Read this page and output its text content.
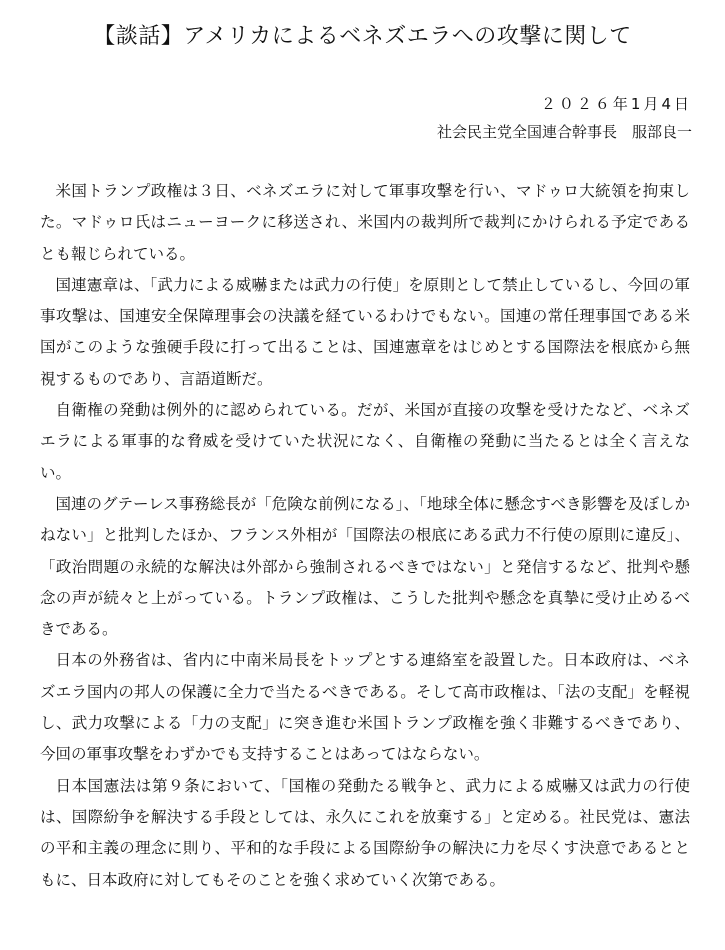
【談話】アメリカによるベネズエラへの攻撃に関して
２０２６年1月4日
社会民主党全国連合幹事長　服部良一

米国トランプ政権は３日、ベネズエラに対して軍事攻撃を行い、マドゥロ大統領を拘束した。マドゥロ氏はニューヨークに移送され、米国内の裁判所で裁判にかけられる予定であるとも報じられている。

国連憲章は、「武力による威嚇または武力の行使」を原則として禁止しているし、今回の軍事攻撃は、国連安全保障理事会の決議を経ているわけでもない。国連の常任理事国である米国がこのような強硬手段に打って出ることは、国連憲章をはじめとする国際法を根底から無視するものであり、言語道断だ。

自衛権の発動は例外的に認められている。だが、米国が直接の攻撃を受けたなど、ベネズエラによる軍事的な脅威を受けていた状況になく、自衛権の発動に当たるとは全く言えない。

国連のグテーレス事務総長が「危険な前例になる」、「地球全体に懸念すべき影響を及ぼしかねない」と批判したほか、フランス外相が「国際法の根底にある武力不行使の原則に違反」、「政治問題の永続的な解決は外部から強制されるべきではない」と発信するなど、批判や懸念の声が続々と上がっている。トランプ政権は、こうした批判や懸念を真摯に受け止めるべきである。

日本の外務省は、省内に中南米局長をトップとする連絡室を設置した。日本政府は、ベネズエラ国内の邦人の保護に全力で当たるべきである。そして高市政権は、「法の支配」を軽視し、武力攻撃による「力の支配」に突き進む米国トランプ政権を強く非難するべきであり、今回の軍事攻撃をわずかでも支持することはあってはならない。

日本国憲法は第９条において、「国権の発動たる戦争と、武力による威嚇又は武力の行使は、国際紛争を解決する手段としては、永久にこれを放棄する」と定める。社民党は、憲法の平和主義の理念に則り、平和的な手段による国際紛争の解決に力を尽くす決意であるとともに、日本政府に対してもそのことを強く求めていく次第である。
